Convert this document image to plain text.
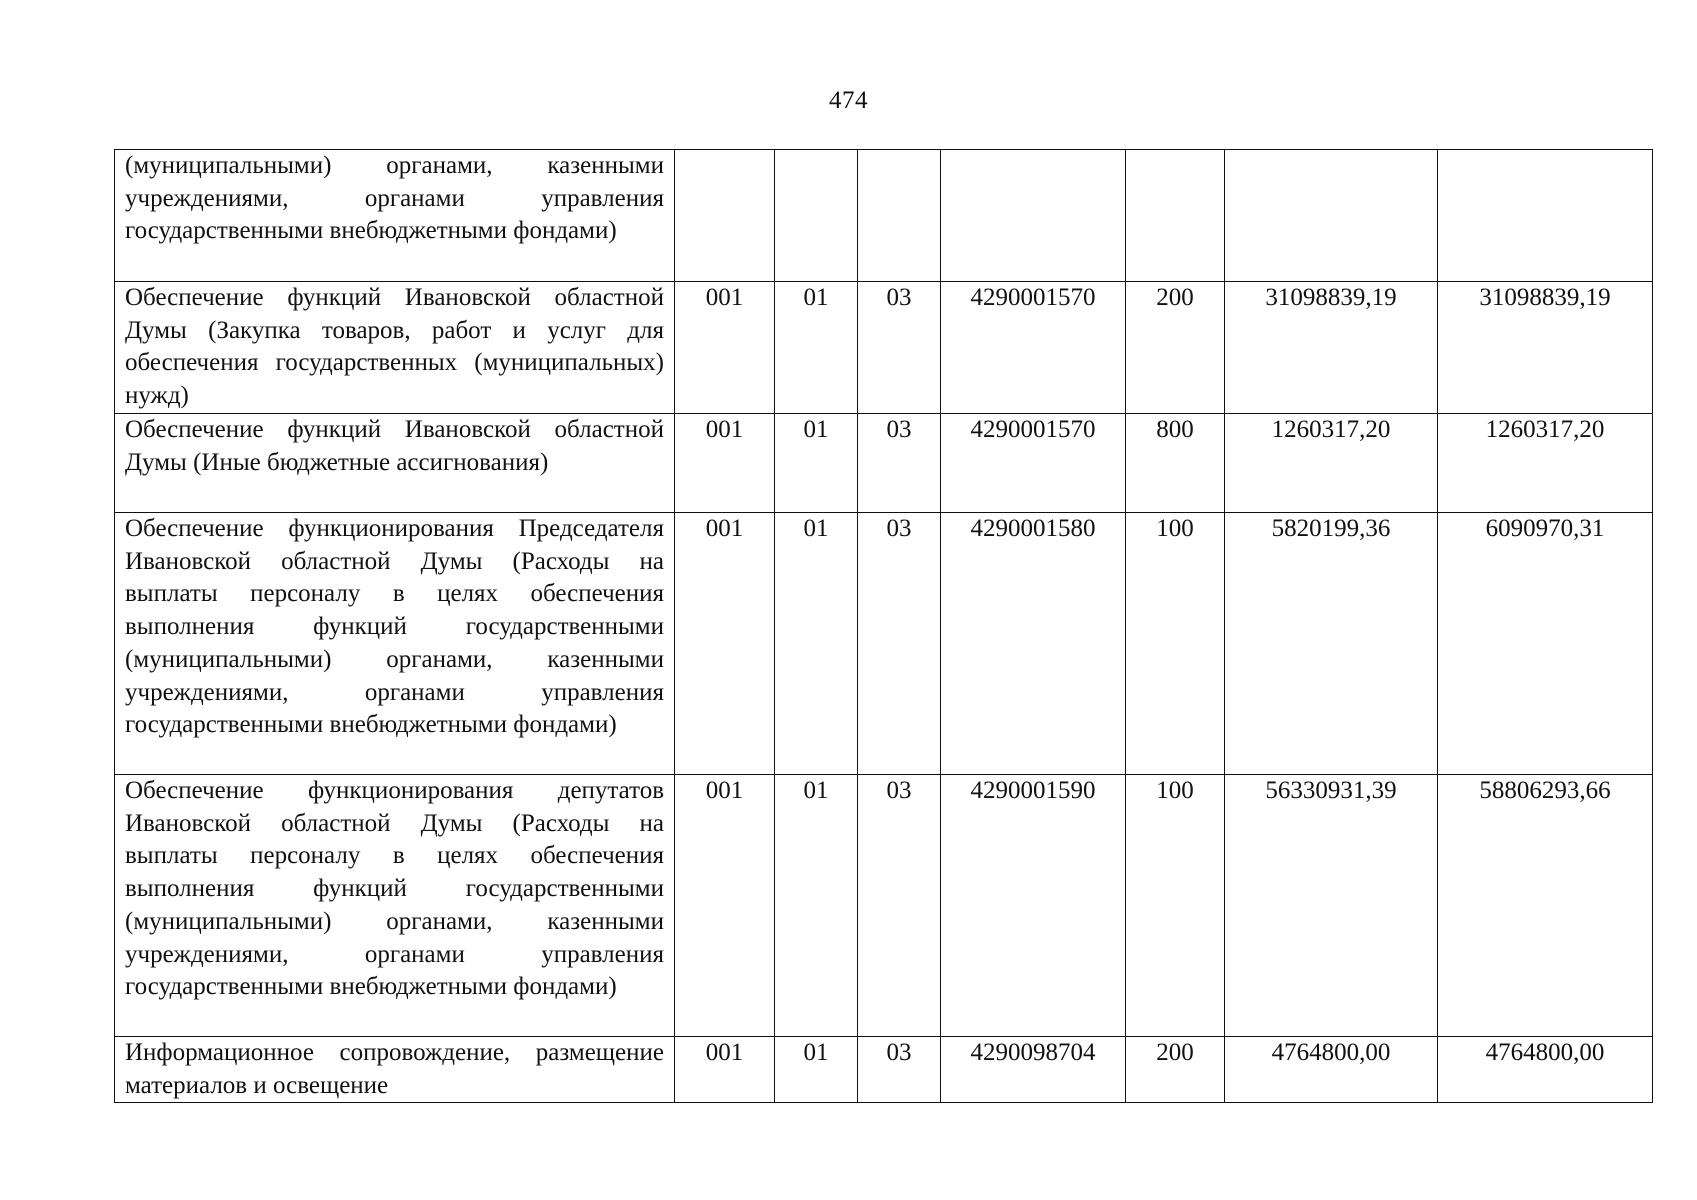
474
(муниципальными) органами, казенными учреждениями, органами управления государственными внебюджетными фондами)							
Обеспечение функций Ивановской областной Думы (Закупка товаров, работ и услуг для обеспечения государственных (муниципальных) нужд)	001	01	03	4290001570	200	31098839,19	31098839,19
Обеспечение функций Ивановской областной Думы (Иные бюджетные ассигнования)	001	01	03	4290001570	800	1260317,20	1260317,20
Обеспечение функционирования Председателя Ивановской областной Думы (Расходы на выплаты персоналу в целях обеспечения выполнения функций государственными (муниципальными) органами, казенными учреждениями, органами управления государственными внебюджетными фондами)	001	01	03	4290001580	100	5820199,36	6090970,31
Обеспечение функционирования депутатов Ивановской областной Думы (Расходы на выплаты персоналу в целях обеспечения выполнения функций государственными (муниципальными) органами, казенными учреждениями, органами управления государственными внебюджетными фондами)	001	01	03	4290001590	100	56330931,39	58806293,66
Информационное сопровождение, размещение материалов и освещение	001	01	03	4290098704	200	4764800,00	4764800,00
